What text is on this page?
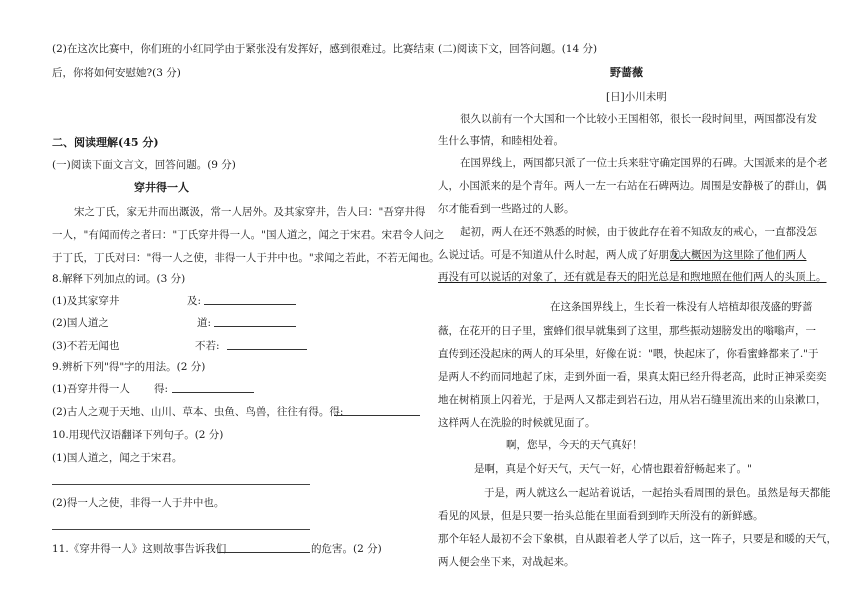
(2)在这次比赛中，你们班的小红同学由于紧张没有发挥好，感到很难过。比赛结束
后，你将如何安慰她?(3 分)
二、阅读理解(45 分)
(一)阅读下面文言文，回答问题。(9 分)
穿井得一人
宋之丁氏，家无井而出溉汲，常一人居外。及其家穿井，告人曰："吾穿井得
一人，"有闻而传之者曰："丁氏穿井得一人。"国人道之，闻之于宋君。宋君令人问之
于丁氏，丁氏对曰："得一人之使，非得一人于井中也。"求闻之若此，不若无闻也。
8.解释下列加点的词。(3 分)
(1)及其家穿井	及:
(2)国人道之	道:
(3)不若无闻也	不若:
9.辨析下列"得"字的用法。(2 分)
(1)吾穿井得一人 得:
(2)古人之观于天地、山川、草本、虫鱼、鸟兽，往往有得。得:
10.用现代汉语翻译下列句子。(2 分)
(1)国人道之，闻之于宋君。
(2)得一人之使，非得一人于井中也。
11.《穿井得一人》这则故事告诉我们	的危害。(2 分)
(二)阅读下文，回答问题。(14 分)
野蔷薇
[日]小川未明
很久以前有一个大国和一个比较小王国相邻，很长一段时间里，两国都没有发
生什么事情，和睦相处着。
在国界线上，两国都只派了一位士兵来驻守确定国界的石碑。大国派来的是个老
人，小国派来的是个青年。两人一左一右站在石碑两边。周围是安静极了的群山，偶
尔才能看到一些路过的人影。
起初，两人在还不熟悉的时候，由于彼此存在着不知敌友的戒心，一直都没怎
么说过话。可是不知道从什么时起，两人成了好朋友。
①大概因为这里除了他们两人
再没有可以说话的对象了，还有就是春天的阳光总是和煦地照在他们两人的头顶上。
在这条国界线上，生长着一株没有人培植却很茂盛的野蔷
薇，在花开的日子里，蜜蜂们很早就集到了这里，那些振动翅膀发出的嗡嗡声，一
直传到还没起床的两人的耳朵里，好像在说："喂，快起床了，你看蜜蜂都来了."于
是两人不约而同地起了床，走到外面一看，果真太阳已经升得老高，此时正神采奕奕
地在树梢顶上闪着光，于是两人又都走到岩石边，用从岩石缝里流出来的山泉漱口，
这样两人在洗脸的时候就见面了。
啊，您早，今天的天气真好！
是啊，真是个好天气，天气一好，心情也跟着舒畅起来了。"
于是，两人就这么一起站着说话，一起抬头看周围的景色。虽然是每天都能
看见的风景，但是只要一抬头总能在里面看到到昨天所没有的新鲜感。
那个年轻人最初不会下象棋，自从跟着老人学了以后，这一阵子，只要是和暖的天气，
两人便会坐下来，对战起来。
